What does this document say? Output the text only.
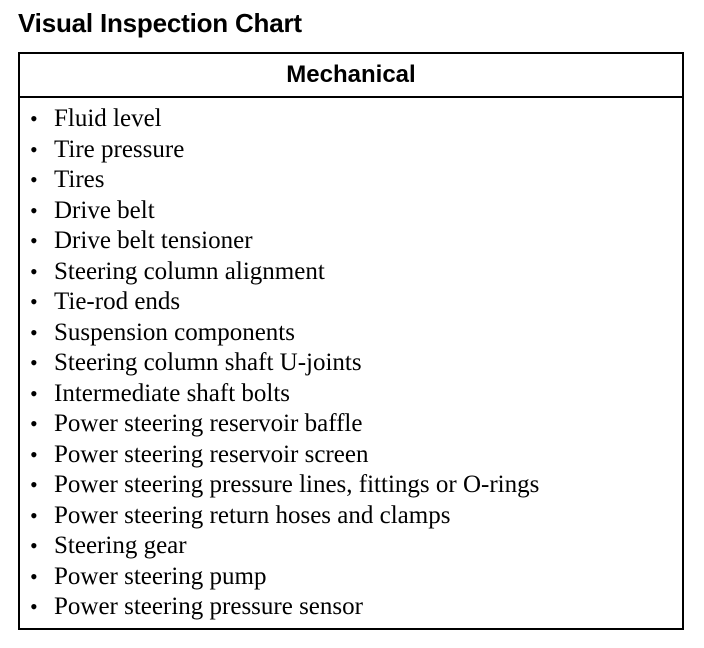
Visual Inspection Chart
Mechanical
• Fluid level
• Tire pressure
• Tires
• Drive belt
• Drive belt tensioner
• Steering column alignment
• Tie-rod ends
• Suspension components
• Steering column shaft U-joints
• Intermediate shaft bolts
• Power steering reservoir baffle
• Power steering reservoir screen
• Power steering pressure lines, fittings or O-rings
• Power steering return hoses and clamps
• Steering gear
• Power steering pump
• Power steering pressure sensor
